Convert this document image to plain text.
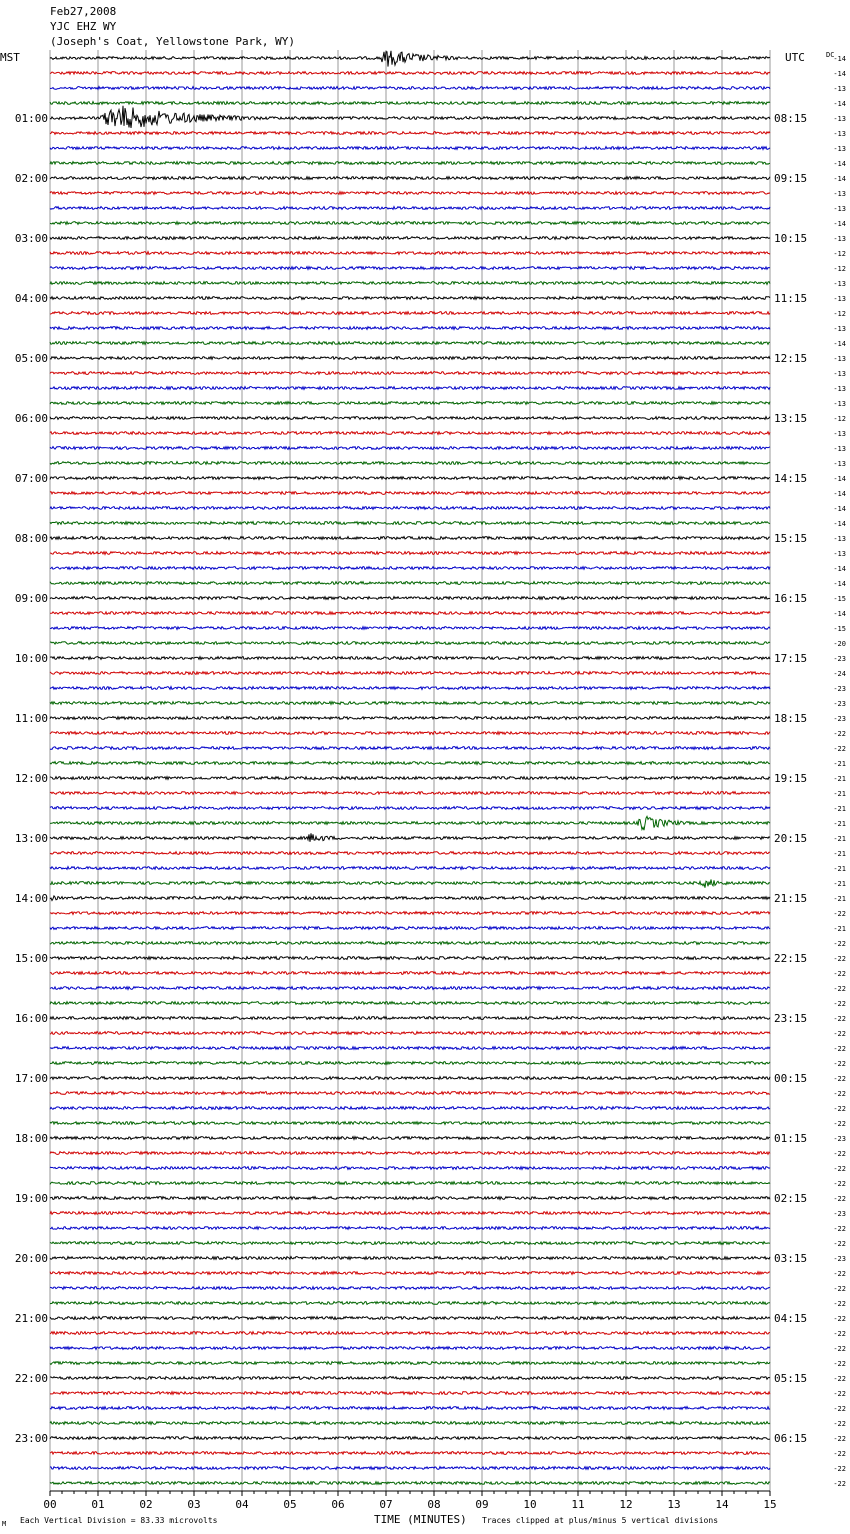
Feb27,2008
YJC EHZ WY
(Joseph's Coat, Yellowstone Park, WY)
00	01	02	03	04	05	06	07	08	09	10	11	12	13	14	15
-14
-14
-13
-14
-13
01:00	08:15
-13
-13
-14
-14
02:00	09:15
-13
-13
-14
-13
03:00	10:15
-12
-12
-13
-13
04:00	11:15
-12
-13
-14
-13
05:00	12:15
-13
-13
-13
-12
06:00	13:15
-13
-13
-13
-14
07:00	14:15
-14
-14
-14
-13
08:00	15:15
-13
-14
-14
-15
09:00	16:15
-14
-15
-20
-23
10:00	17:15
-24
-23
-23
-23
11:00	18:15
-22
-22
-21
-21
12:00	19:15
-21
-21
-21
-21
13:00	20:15
-21
-21
-21
-21
14:00	21:15
-22
-21
-22
-22
15:00	22:15
-22
-22
-22
-22
16:00	23:15
-22
-22
-22
-22
17:00	00:15
-22
-22
-22
-23
18:00	01:15
-22
-22
-22
-22
19:00	02:15
-23
-22
-22
-23
20:00	03:15
-22
-22
-22
-22
21:00	04:15
-22
-22
-22
-22
22:00	05:15
-22
-22
-22
-22
23:00	06:15
-22
-22
-22
MST	UTC	DC
Each Vertical Division = 83.33 microvolts	TIME (MINUTES) Traces clipped at plus/minus 5 vertical divisions
M
